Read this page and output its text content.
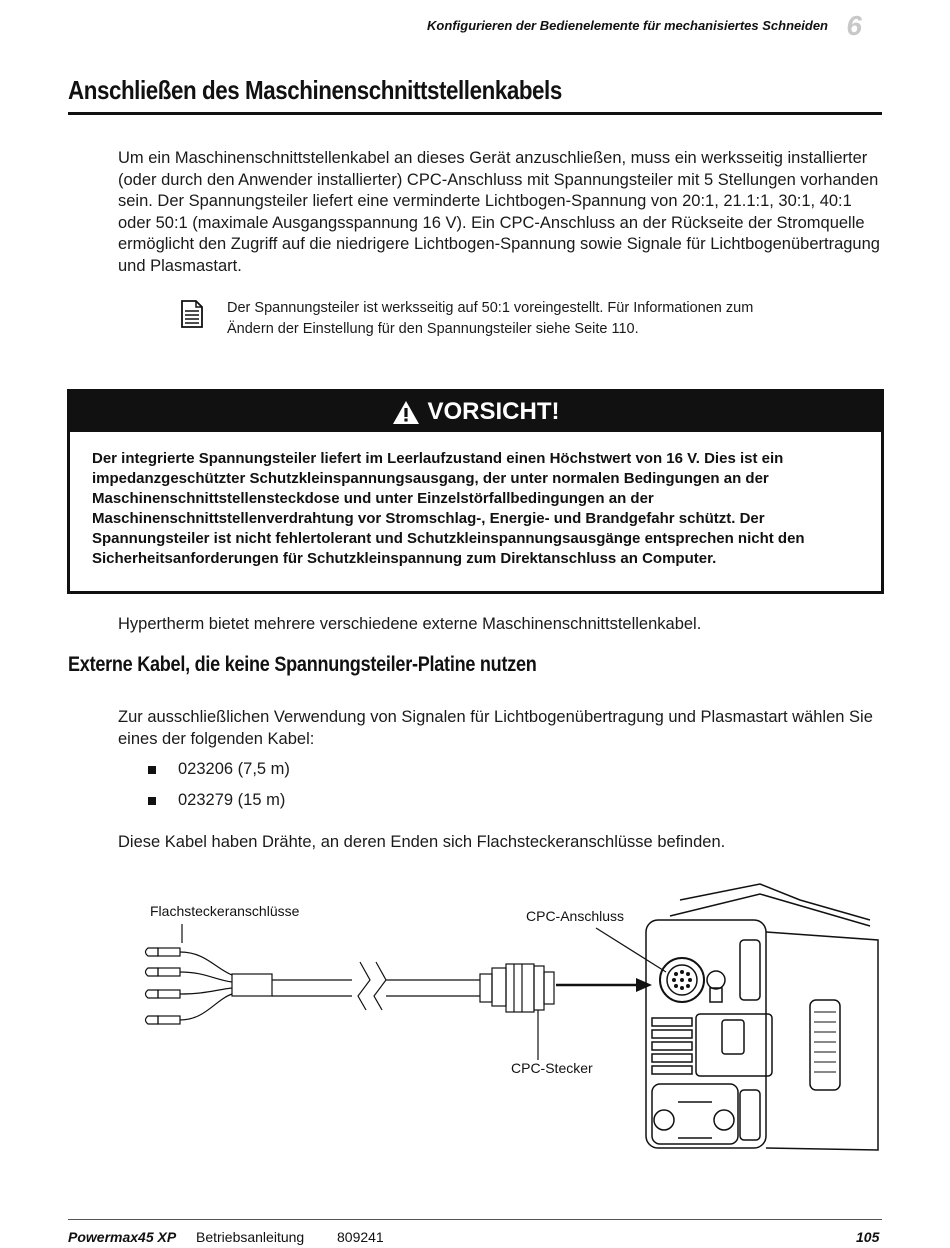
Konfigurieren der Bedienelemente für mechanisiertes Schneiden 6
Anschließen des Maschinenschnittstellenkabels

Um ein Maschinenschnittstellenkabel an dieses Gerät anzuschließen, muss ein werksseitig installierter (oder durch den Anwender installierter) CPC-Anschluss mit Spannungsteiler mit 5 Stellungen vorhanden sein. Der Spannungsteiler liefert eine verminderte Lichtbogen-Spannung von 20:1, 21.1:1, 30:1, 40:1 oder 50:1 (maximale Ausgangsspannung 16 V). Ein CPC-Anschluss an der Rückseite der Stromquelle ermöglicht den Zugriff auf die niedrigere Lichtbogen-Spannung sowie Signale für Lichtbogenübertragung und Plasmastart.

Der Spannungsteiler ist werksseitig auf 50:1 voreingestellt. Für Informationen zum Ändern der Einstellung für den Spannungsteiler siehe Seite 110.

VORSICHT!

Der integrierte Spannungsteiler liefert im Leerlaufzustand einen Höchstwert von 16 V. Dies ist ein impedanzgeschützter Schutzkleinspannungsausgang, der unter normalen Bedingungen an der Maschinenschnittstellensteckdose und unter Einzelstörfallbedingungen an der Maschinenschnittstellenverdrahtung vor Stromschlag-, Energie- und Brandgefahr schützt. Der Spannungsteiler ist nicht fehlertolerant und Schutzkleinspannungsausgänge entsprechen nicht den Sicherheitsanforderungen für Schutzkleinspannung zum Direktanschluss an Computer.

Hypertherm bietet mehrere verschiedene externe Maschinenschnittstellenkabel.

Externe Kabel, die keine Spannungsteiler-Platine nutzen

Zur ausschließlichen Verwendung von Signalen für Lichtbogenübertragung und Plasmastart wählen Sie eines der folgenden Kabel:

023206 (7,5 m)
023279 (15 m)

Diese Kabel haben Drähte, an deren Enden sich Flachsteckeranschlüsse befinden.

Flachsteckeranschlüsse	CPC-Anschluss
CPC-Stecker
Powermax45 XP Betriebsanleitung 809241	105
